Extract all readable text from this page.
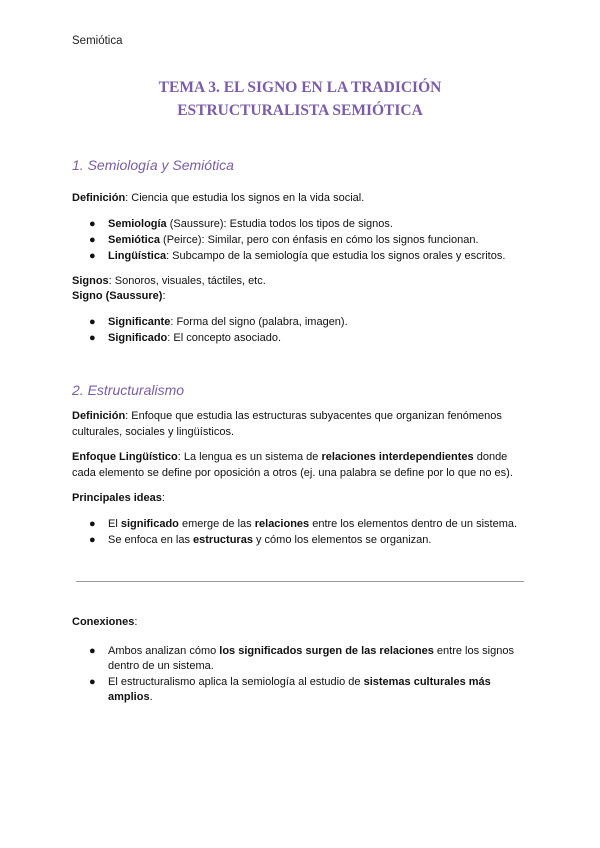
Semiótica
TEMA 3. EL SIGNO EN LA TRADICIÓN
ESTRUCTURALISTA SEMIÓTICA
1. Semiología y Semiótica
Definición: Ciencia que estudia los signos en la vida social.
● Semiología (Saussure): Estudia todos los tipos de signos.
● Semiótica (Peirce): Similar, pero con énfasis en cómo los signos funcionan.
● Lingüística: Subcampo de la semiología que estudia los signos orales y escritos.
Signos: Sonoros, visuales, táctiles, etc.
Signo (Saussure):
● Significante: Forma del signo (palabra, imagen).
● Significado: El concepto asociado.
2. Estructuralismo
Definición: Enfoque que estudia las estructuras subyacentes que organizan fenómenos culturales, sociales y lingüísticos.
Enfoque Lingüístico: La lengua es un sistema de relaciones interdependientes donde cada elemento se define por oposición a otros (ej. una palabra se define por lo que no es).
Principales ideas:
● El significado emerge de las relaciones entre los elementos dentro de un sistema.
● Se enfoca en las estructuras y cómo los elementos se organizan.
Conexiones:
● Ambos analizan cómo los significados surgen de las relaciones entre los signos dentro de un sistema.
● El estructuralismo aplica la semiología al estudio de sistemas culturales más amplios.
